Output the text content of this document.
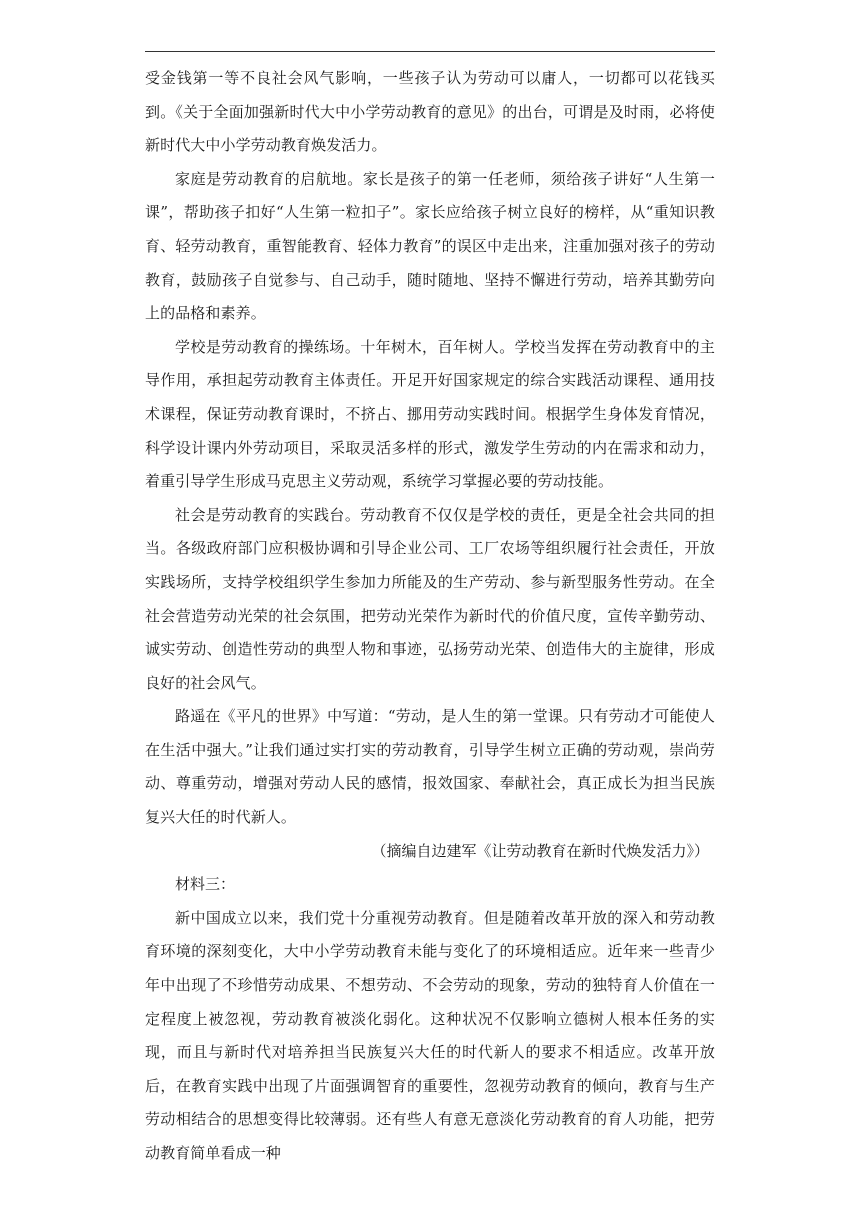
受金钱第一等不良社会风气影响，一些孩子认为劳动可以庸人，一切都可以花钱买到。《关于全面加强新时代大中小学劳动教育的意见》的出台，可谓是及时雨，必将使新时代大中小学劳动教育焕发活力。

家庭是劳动教育的启航地。家长是孩子的第一任老师，须给孩子讲好“人生第一课”，帮助孩子扣好“人生第一粒扣子”。家长应给孩子树立良好的榜样，从“重知识教育、轻劳动教育，重智能教育、轻体力教育”的误区中走出来，注重加强对孩子的劳动教育，鼓励孩子自觉参与、自己动手，随时随地、坚持不懈进行劳动，培养其勤劳向上的品格和素养。

学校是劳动教育的操练场。十年树木，百年树人。学校当发挥在劳动教育中的主导作用，承担起劳动教育主体责任。开足开好国家规定的综合实践活动课程、通用技术课程，保证劳动教育课时，不挤占、挪用劳动实践时间。根据学生身体发育情况，科学设计课内外劳动项目，采取灵活多样的形式，激发学生劳动的内在需求和动力，着重引导学生形成马克思主义劳动观，系统学习掌握必要的劳动技能。

社会是劳动教育的实践台。劳动教育不仅仅是学校的责任，更是全社会共同的担当。各级政府部门应积极协调和引导企业公司、工厂农场等组织履行社会责任，开放实践场所，支持学校组织学生参加力所能及的生产劳动、参与新型服务性劳动。在全社会营造劳动光荣的社会氛围，把劳动光荣作为新时代的价值尺度，宣传辛勤劳动、诚实劳动、创造性劳动的典型人物和事迹，弘扬劳动光荣、创造伟大的主旋律，形成良好的社会风气。

路遥在《平凡的世界》中写道：“劳动，是人生的第一堂课。只有劳动才可能使人在生活中强大。”让我们通过实打实的劳动教育，引导学生树立正确的劳动观，崇尚劳动、尊重劳动，增强对劳动人民的感情，报效国家、奉献社会，真正成长为担当民族复兴大任的时代新人。

（摘编自边建军《让劳动教育在新时代焕发活力》）

材料三：

新中国成立以来，我们党十分重视劳动教育。但是随着改革开放的深入和劳动教育环境的深刻变化，大中小学劳动教育未能与变化了的环境相适应。近年来一些青少年中出现了不珍惜劳动成果、不想劳动、不会劳动的现象，劳动的独特育人价值在一定程度上被忽视，劳动教育被淡化弱化。这种状况不仅影响立德树人根本任务的实现，而且与新时代对培养担当民族复兴大任的时代新人的要求不相适应。改革开放后，在教育实践中出现了片面强调智育的重要性，忽视劳动教育的倾向，教育与生产劳动相结合的思想变得比较薄弱。还有些人有意无意淡化劳动教育的育人功能，把劳动教育简单看成一种
